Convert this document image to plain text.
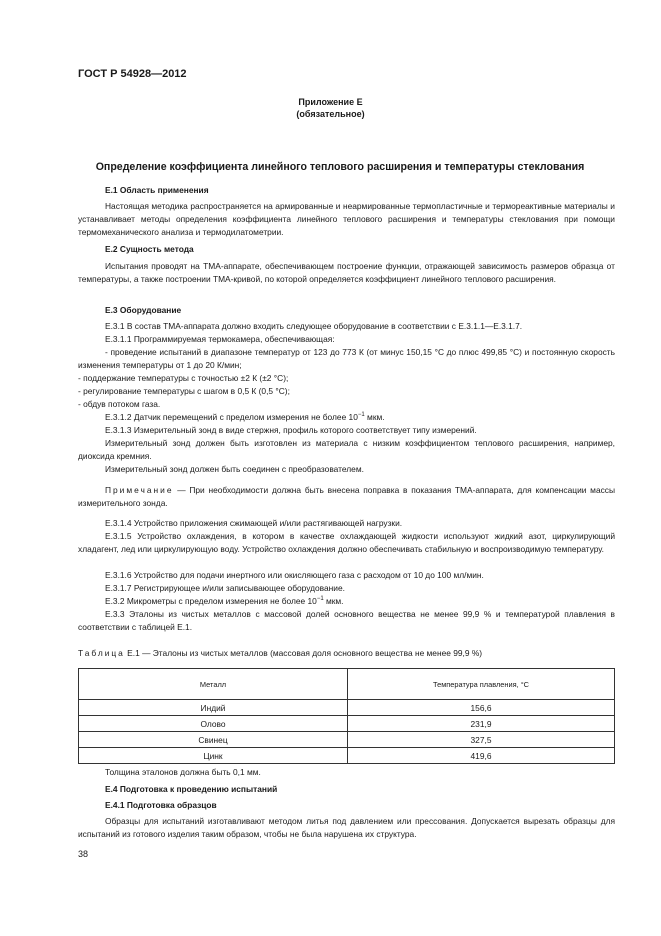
ГОСТ Р 54928—2012
Приложение Е
(обязательное)
Определение коэффициента линейного теплового расширения и температуры стеклования
Е.1 Область применения
Настоящая методика распространяется на армированные и неармированные термопластичные и термореактивные материалы и устанавливает методы определения коэффициента линейного теплового расширения и температуры стеклования при помощи термомеханического анализа и термодилатометрии.
Е.2 Сущность метода
Испытания проводят на ТМА-аппарате, обеспечивающем построение функции, отражающей зависимость размеров образца от температуры, а также построении ТМА-кривой, по которой определяется коэффициент линейного теплового расширения.
Е.3 Оборудование
Е.3.1 В состав ТМА-аппарата должно входить следующее оборудование в соответствии с Е.3.1.1—Е.3.1.7.
Е.3.1.1 Программируемая термокамера, обеспечивающая:
- проведение испытаний в диапазоне температур от 123 до 773 К (от минус 150,15 °С до плюс 499,85 °С) и постоянную скорость изменения температуры от 1 до 20 К/мин;
- поддержание температуры с точностью ±2 К (±2 °С);
- регулирование температуры с шагом в 0,5 К (0,5 °С);
- обдув потоком газа.
Е.3.1.2 Датчик перемещений с пределом измерения не более $10^{-1}$ мкм.
Е.3.1.3 Измерительный зонд в виде стержня, профиль которого соответствует типу измерений.
Измерительный зонд должен быть изготовлен из материала с низким коэффициентом теплового расширения, например, диоксида кремния.
Измерительный зонд должен быть соединен с преобразователем.
Примечание — При необходимости должна быть внесена поправка в показания ТМА-аппарата, для компенсации массы измерительного зонда.
Е.3.1.4 Устройство приложения сжимающей и/или растягивающей нагрузки.
Е.3.1.5 Устройство охлаждения, в котором в качестве охлаждающей жидкости используют жидкий азот, циркулирующий хладагент, лед или циркулирующую воду. Устройство охлаждения должно обеспечивать стабильную и воспроизводимую температуру.
Е.3.1.6 Устройство для подачи инертного или окисляющего газа с расходом от 10 до 100 мл/мин.
Е.3.1.7 Регистрирующее и/или записывающее оборудование.
Е.3.2 Микрометры с пределом измерения не более $10^{-1}$ мкм.
Е.3.3 Эталоны из чистых металлов с массовой долей основного вещества не менее 99,9 % и температурой плавления в соответствии с таблицей Е.1.
Таблица Е.1 — Эталоны из чистых металлов (массовая доля основного вещества не менее 99,9 %)
Металл	Температура плавления, °С
Индий	156,6
Олово	231,9
Свинец	327,5
Цинк	419,6
Толщина эталонов должна быть 0,1 мм.
Е.4 Подготовка к проведению испытаний
Е.4.1 Подготовка образцов
Образцы для испытаний изготавливают методом литья под давлением или прессования. Допускается вырезать образцы для испытаний из готового изделия таким образом, чтобы не была нарушена их структура.
38
